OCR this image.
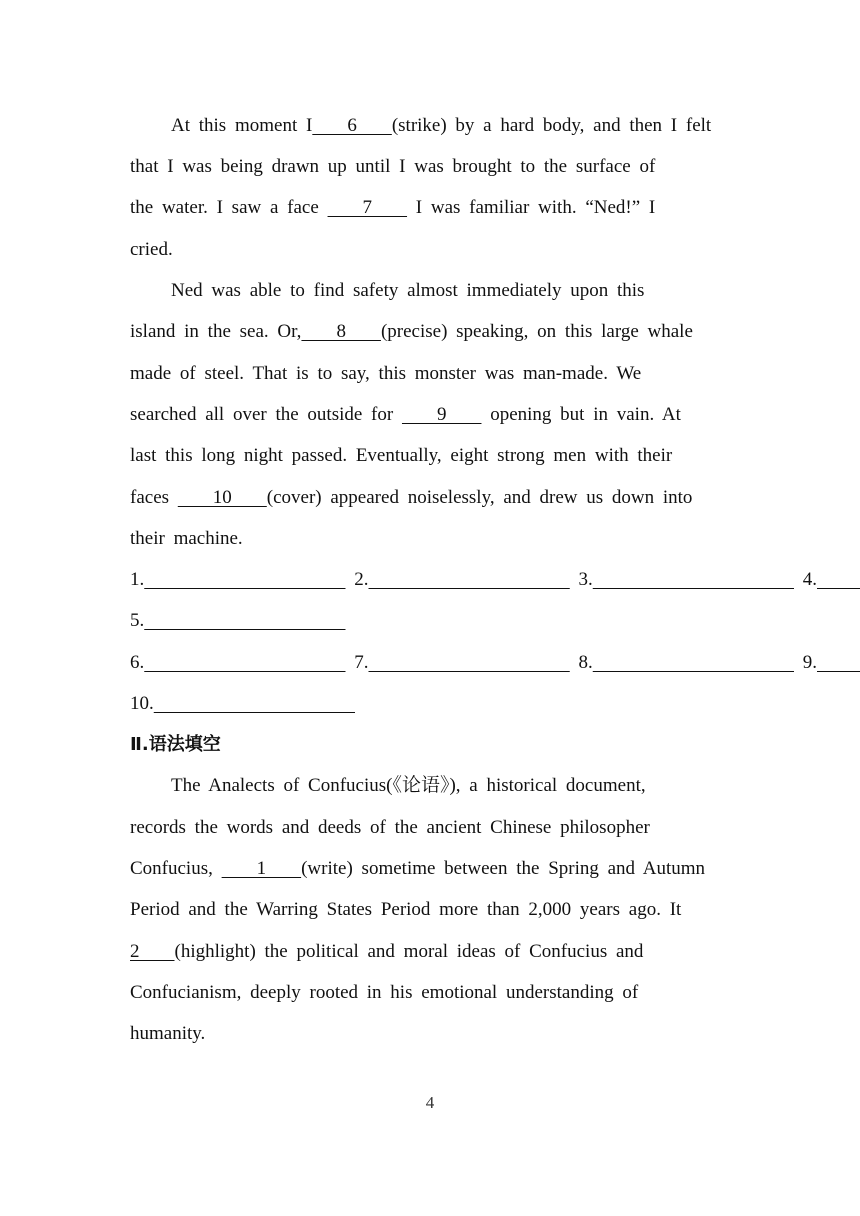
At this moment I    6    (strike) by a hard body, and then I felt
that I was being drawn up until I was brought to the surface of
the water. I saw a face     7     I was familiar with. “Ned!” I
cried.
Ned was able to find safety almost immediately upon this
island in the sea. Or,    8    (precise) speaking, on this large whale
made of steel. That is to say, this monster was man-made. We
searched all over the outside for     9     opening but in vain. At
last this long night passed. Eventually, eight strong men with their
faces     10    (cover) appeared noiselessly, and drew us down into
their machine.
1.	2.	3.	4.
5.
6.	7.	8.	9.
10.
Ⅱ.语法填空
The Analects of Confucius(《论语》), a historical document,
records the words and deeds of the ancient Chinese philosopher
Confucius,     1    (write) sometime between the Spring and Autumn
Period and the Warring States Period more than 2,000 years ago. It
2    (highlight) the political and moral ideas of Confucius and
Confucianism, deeply rooted in his emotional understanding of
humanity.
4
